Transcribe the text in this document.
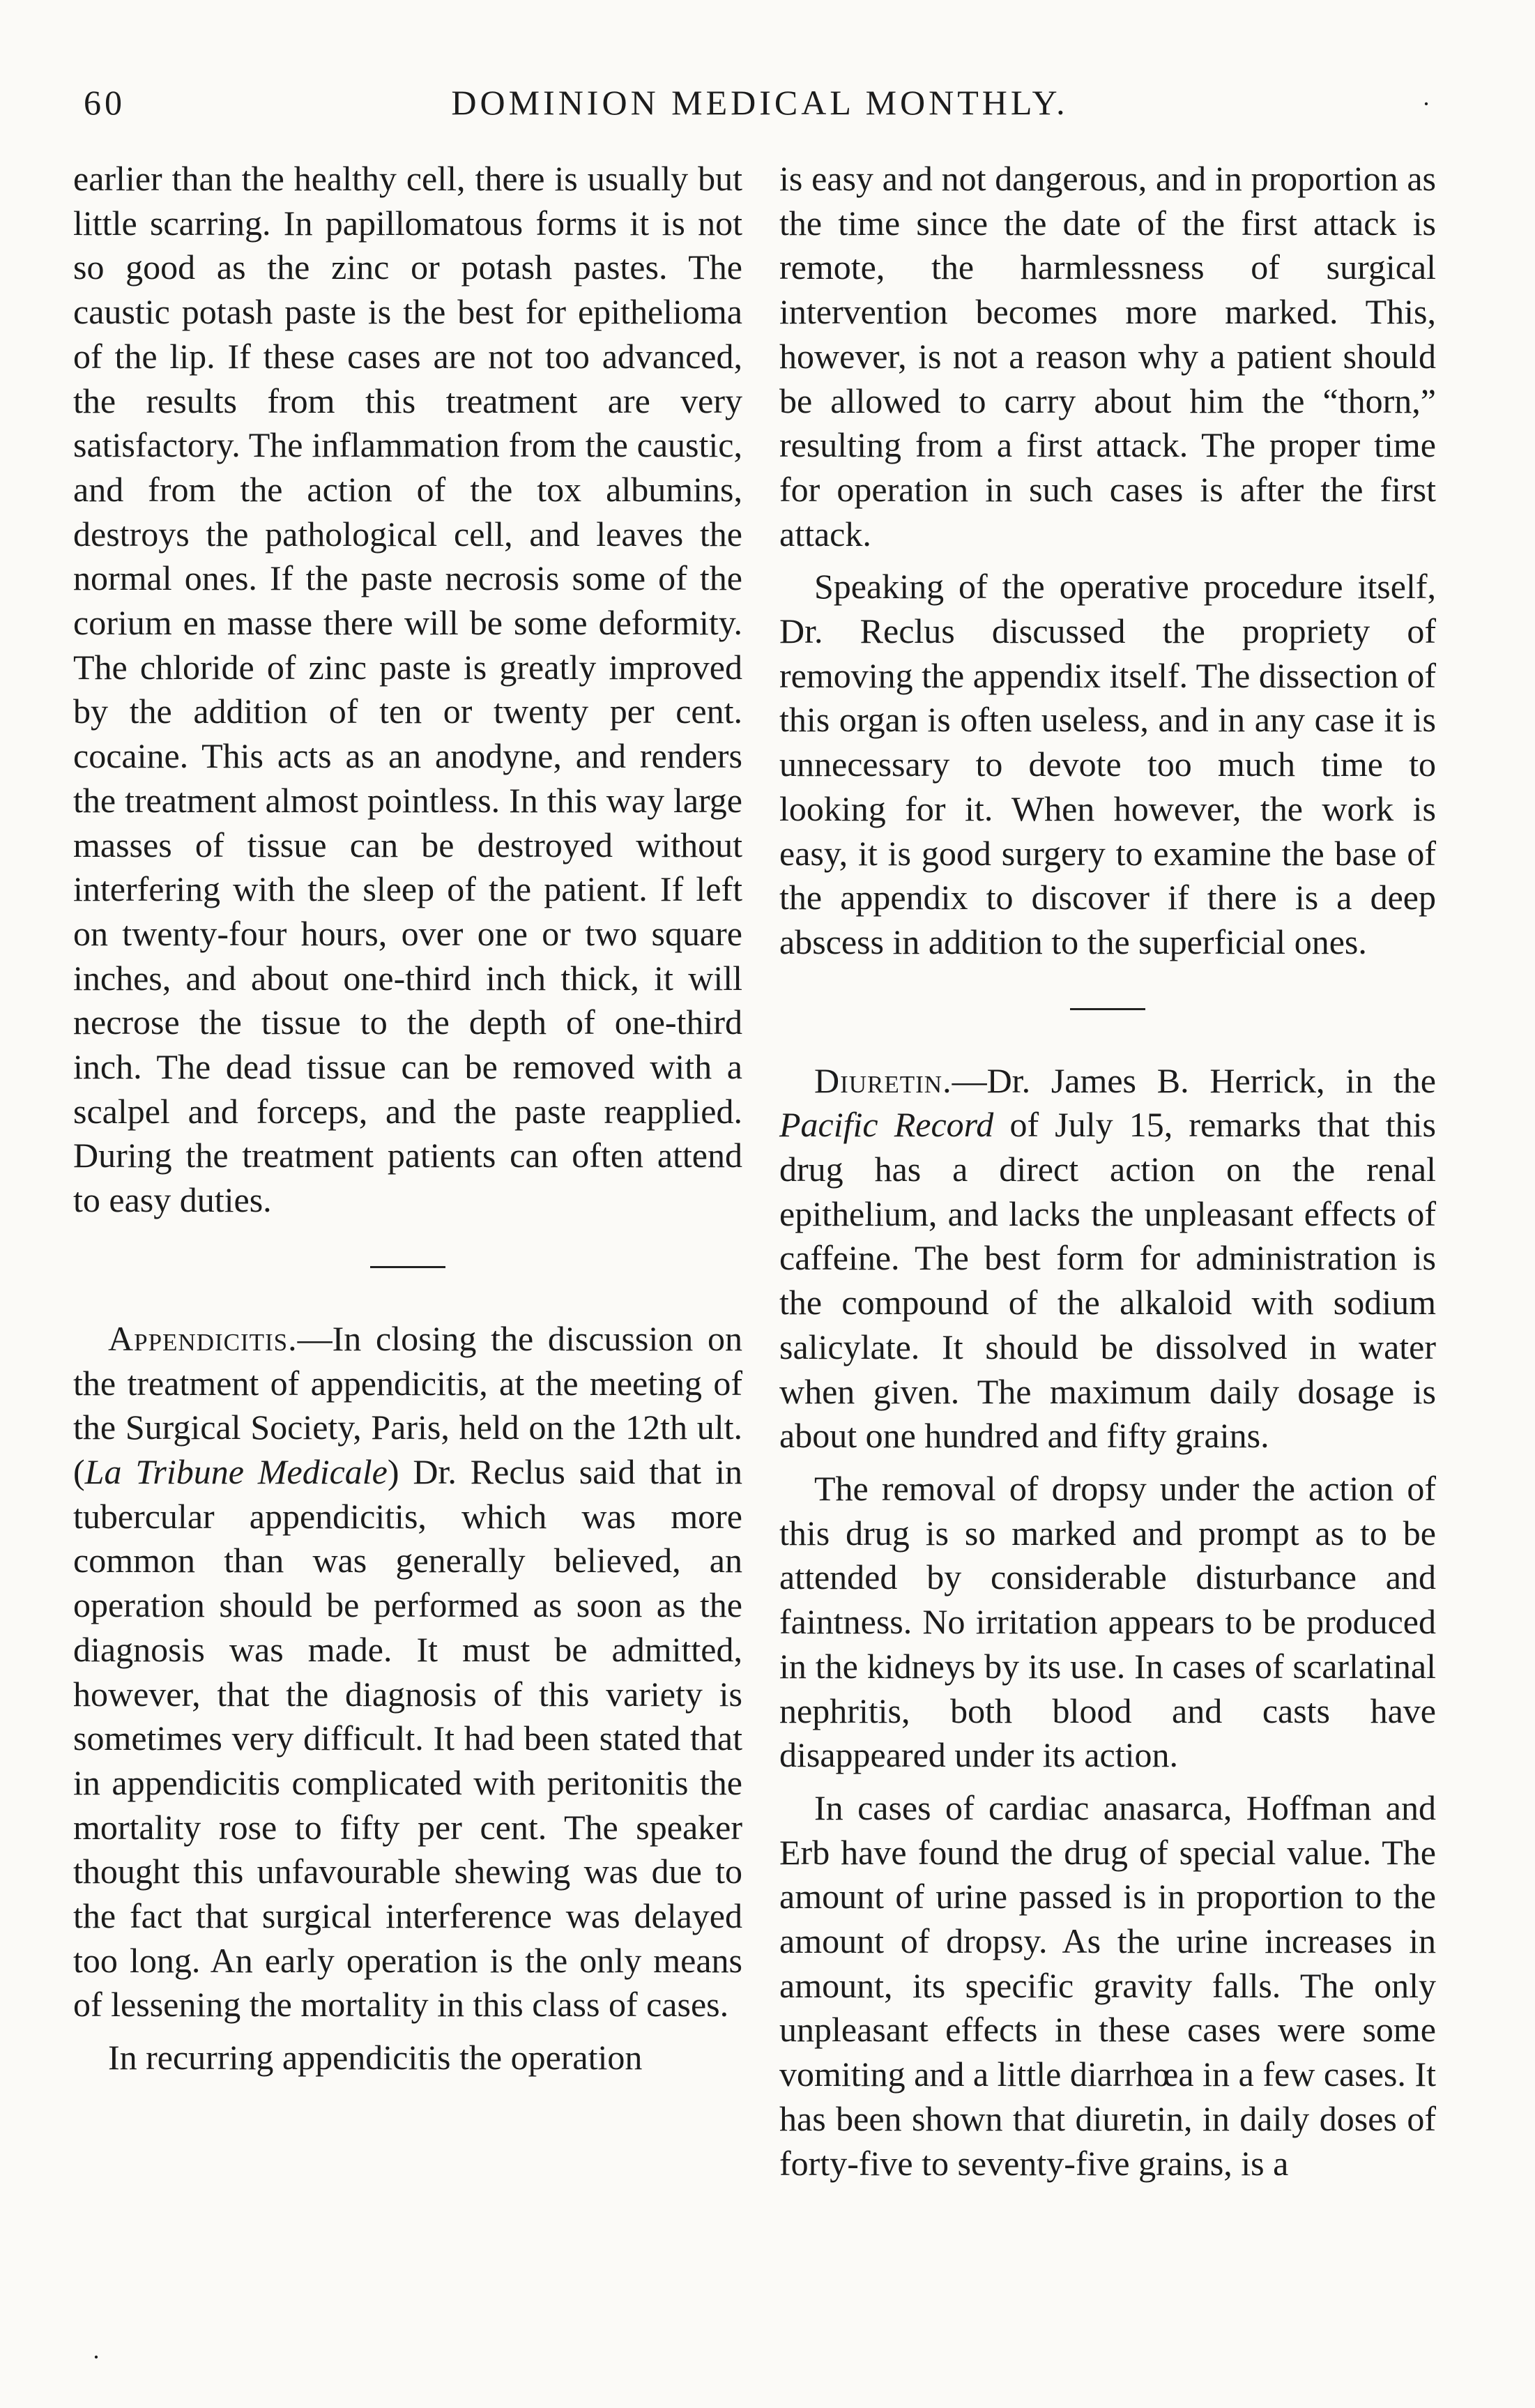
60	DOMINION MEDICAL MONTHLY.

earlier than the healthy cell, there is usually but little scarring. In papillomatous forms it is not so good as the zinc or potash pastes. The caustic potash paste is the best for epithelioma of the lip. If these cases are not too advanced, the results from this treatment are very satisfactory. The inflammation from the caustic, and from the action of the tox albumins, destroys the pathological cell, and leaves the normal ones. If the paste necrosis some of the corium en masse there will be some deformity. The chloride of zinc paste is greatly improved by the addition of ten or twenty per cent. cocaine. This acts as an anodyne, and renders the treatment almost pointless. In this way large masses of tissue can be destroyed without interfering with the sleep of the patient. If left on twenty-four hours, over one or two square inches, and about one-third inch thick, it will necrose the tissue to the depth of one-third inch. The dead tissue can be removed with a scalpel and forceps, and the paste reapplied. During the treatment patients can often attend to easy duties.

Appendicitis.—In closing the discussion on the treatment of appendicitis, at the meeting of the Surgical Society, Paris, held on the 12th ult. (La Tribune Medicale) Dr. Reclus said that in tubercular appendicitis, which was more common than was generally believed, an operation should be performed as soon as the diagnosis was made. It must be admitted, however, that the diagnosis of this variety is sometimes very difficult. It had been stated that in appendicitis complicated with peritonitis the mortality rose to fifty per cent. The speaker thought this unfavourable shewing was due to the fact that surgical interference was delayed too long. An early operation is the only means of lessening the mortality in this class of cases.

In recurring appendicitis the operation

is easy and not dangerous, and in proportion as the time since the date of the first attack is remote, the harmlessness of surgical intervention becomes more marked. This, however, is not a reason why a patient should be allowed to carry about him the “thorn,” resulting from a first attack. The proper time for operation in such cases is after the first attack.

Speaking of the operative procedure itself, Dr. Reclus discussed the propriety of removing the appendix itself. The dissection of this organ is often useless, and in any case it is unnecessary to devote too much time to looking for it. When however, the work is easy, it is good surgery to examine the base of the appendix to discover if there is a deep abscess in addition to the superficial ones.

Diuretin.—Dr. James B. Herrick, in the Pacific Record of July 15, remarks that this drug has a direct action on the renal epithelium, and lacks the unpleasant effects of caffeine. The best form for administration is the compound of the alkaloid with sodium salicylate. It should be dissolved in water when given. The maximum daily dosage is about one hundred and fifty grains.

The removal of dropsy under the action of this drug is so marked and prompt as to be attended by considerable disturbance and faintness. No irritation appears to be produced in the kidneys by its use. In cases of scarlatinal nephritis, both blood and casts have disappeared under its action.

In cases of cardiac anasarca, Hoffman and Erb have found the drug of special value. The amount of urine passed is in proportion to the amount of dropsy. As the urine increases in amount, its specific gravity falls. The only unpleasant effects in these cases were some vomiting and a little diarrhœa in a few cases. It has been shown that diuretin, in daily doses of forty-five to seventy-five grains, is a

·
·
